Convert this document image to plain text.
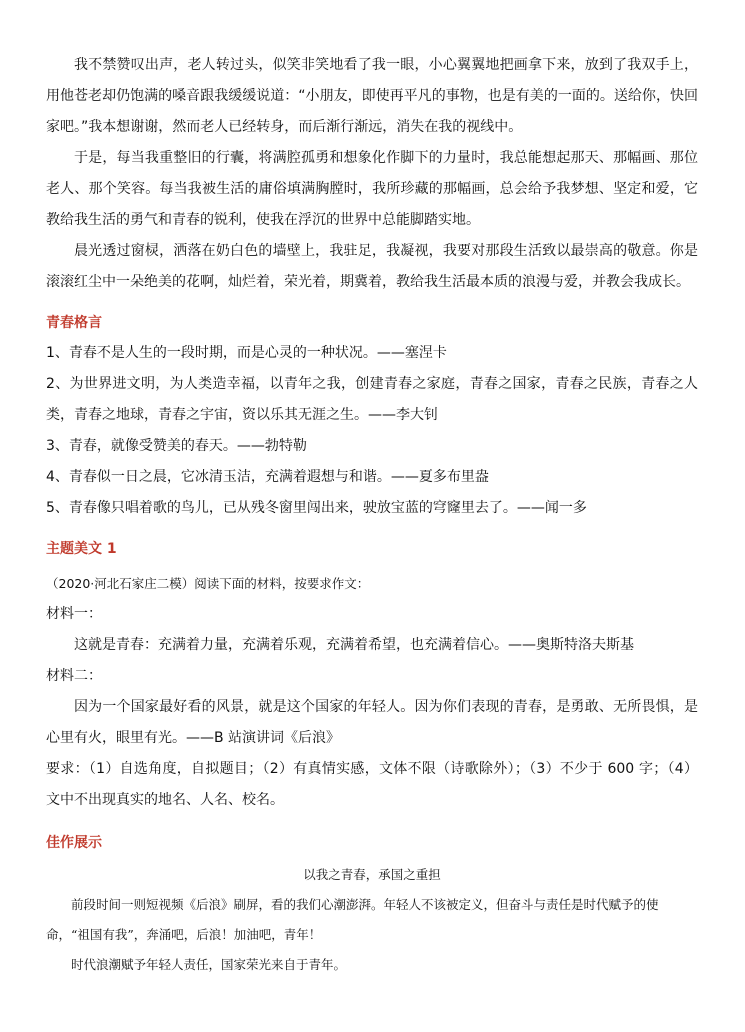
我不禁赞叹出声，老人转过头，似笑非笑地看了我一眼，小心翼翼地把画拿下来，放到了我双手上，用他苍老却仍饱满的嗓音跟我缓缓说道：“小朋友，即使再平凡的事物，也是有美的一面的。送给你，快回家吧。”我本想谢谢，然而老人已经转身，而后渐行渐远，消失在我的视线中。

于是，每当我重整旧的行囊，将满腔孤勇和想象化作脚下的力量时，我总能想起那天、那幅画、那位老人、那个笑容。每当我被生活的庸俗填满胸膛时，我所珍藏的那幅画，总会给予我梦想、坚定和爱，它教给我生活的勇气和青春的锐利，使我在浮沉的世界中总能脚踏实地。

晨光透过窗棂，洒落在奶白色的墙壁上，我驻足，我凝视，我要对那段生活致以最崇高的敬意。你是滚滚红尘中一朵绝美的花啊，灿烂着，荣光着，期冀着，教给我生活最本质的浪漫与爱，并教会我成长。

青春格言

1、青春不是人生的一段时期，而是心灵的一种状况。——塞涅卡

2、为世界进文明，为人类造幸福，以青年之我，创建青春之家庭，青春之国家，青春之民族，青春之人类，青春之地球，青春之宇宙，资以乐其无涯之生。——李大钊

3、青春，就像受赞美的春天。——勃特勒

4、青春似一日之晨，它冰清玉洁，充满着遐想与和谐。——夏多布里盎

5、青春像只唱着歌的鸟儿，已从残冬窗里闯出来，驶放宝蓝的穹窿里去了。——闻一多

主题美文 1

（2020·河北石家庄二模）阅读下面的材料，按要求作文：

材料一：

这就是青春：充满着力量，充满着乐观，充满着希望，也充满着信心。——奥斯特洛夫斯基

材料二：

因为一个国家最好看的风景，就是这个国家的年轻人。因为你们表现的青春，是勇敢、无所畏惧，是心里有火，眼里有光。——B 站演讲词《后浪》

要求：（1）自选角度，自拟题目；（2）有真情实感，文体不限（诗歌除外）；（3）不少于 600 字；（4）文中不出现真实的地名、人名、校名。

佳作展示

以我之青春，承国之重担

前段时间一则短视频《后浪》刷屏，看的我们心潮澎湃。年轻人不该被定义，但奋斗与责任是时代赋予的使命，“祖国有我”，奔涌吧，后浪！加油吧，青年！

时代浪潮赋予年轻人责任，国家荣光来自于青年。
